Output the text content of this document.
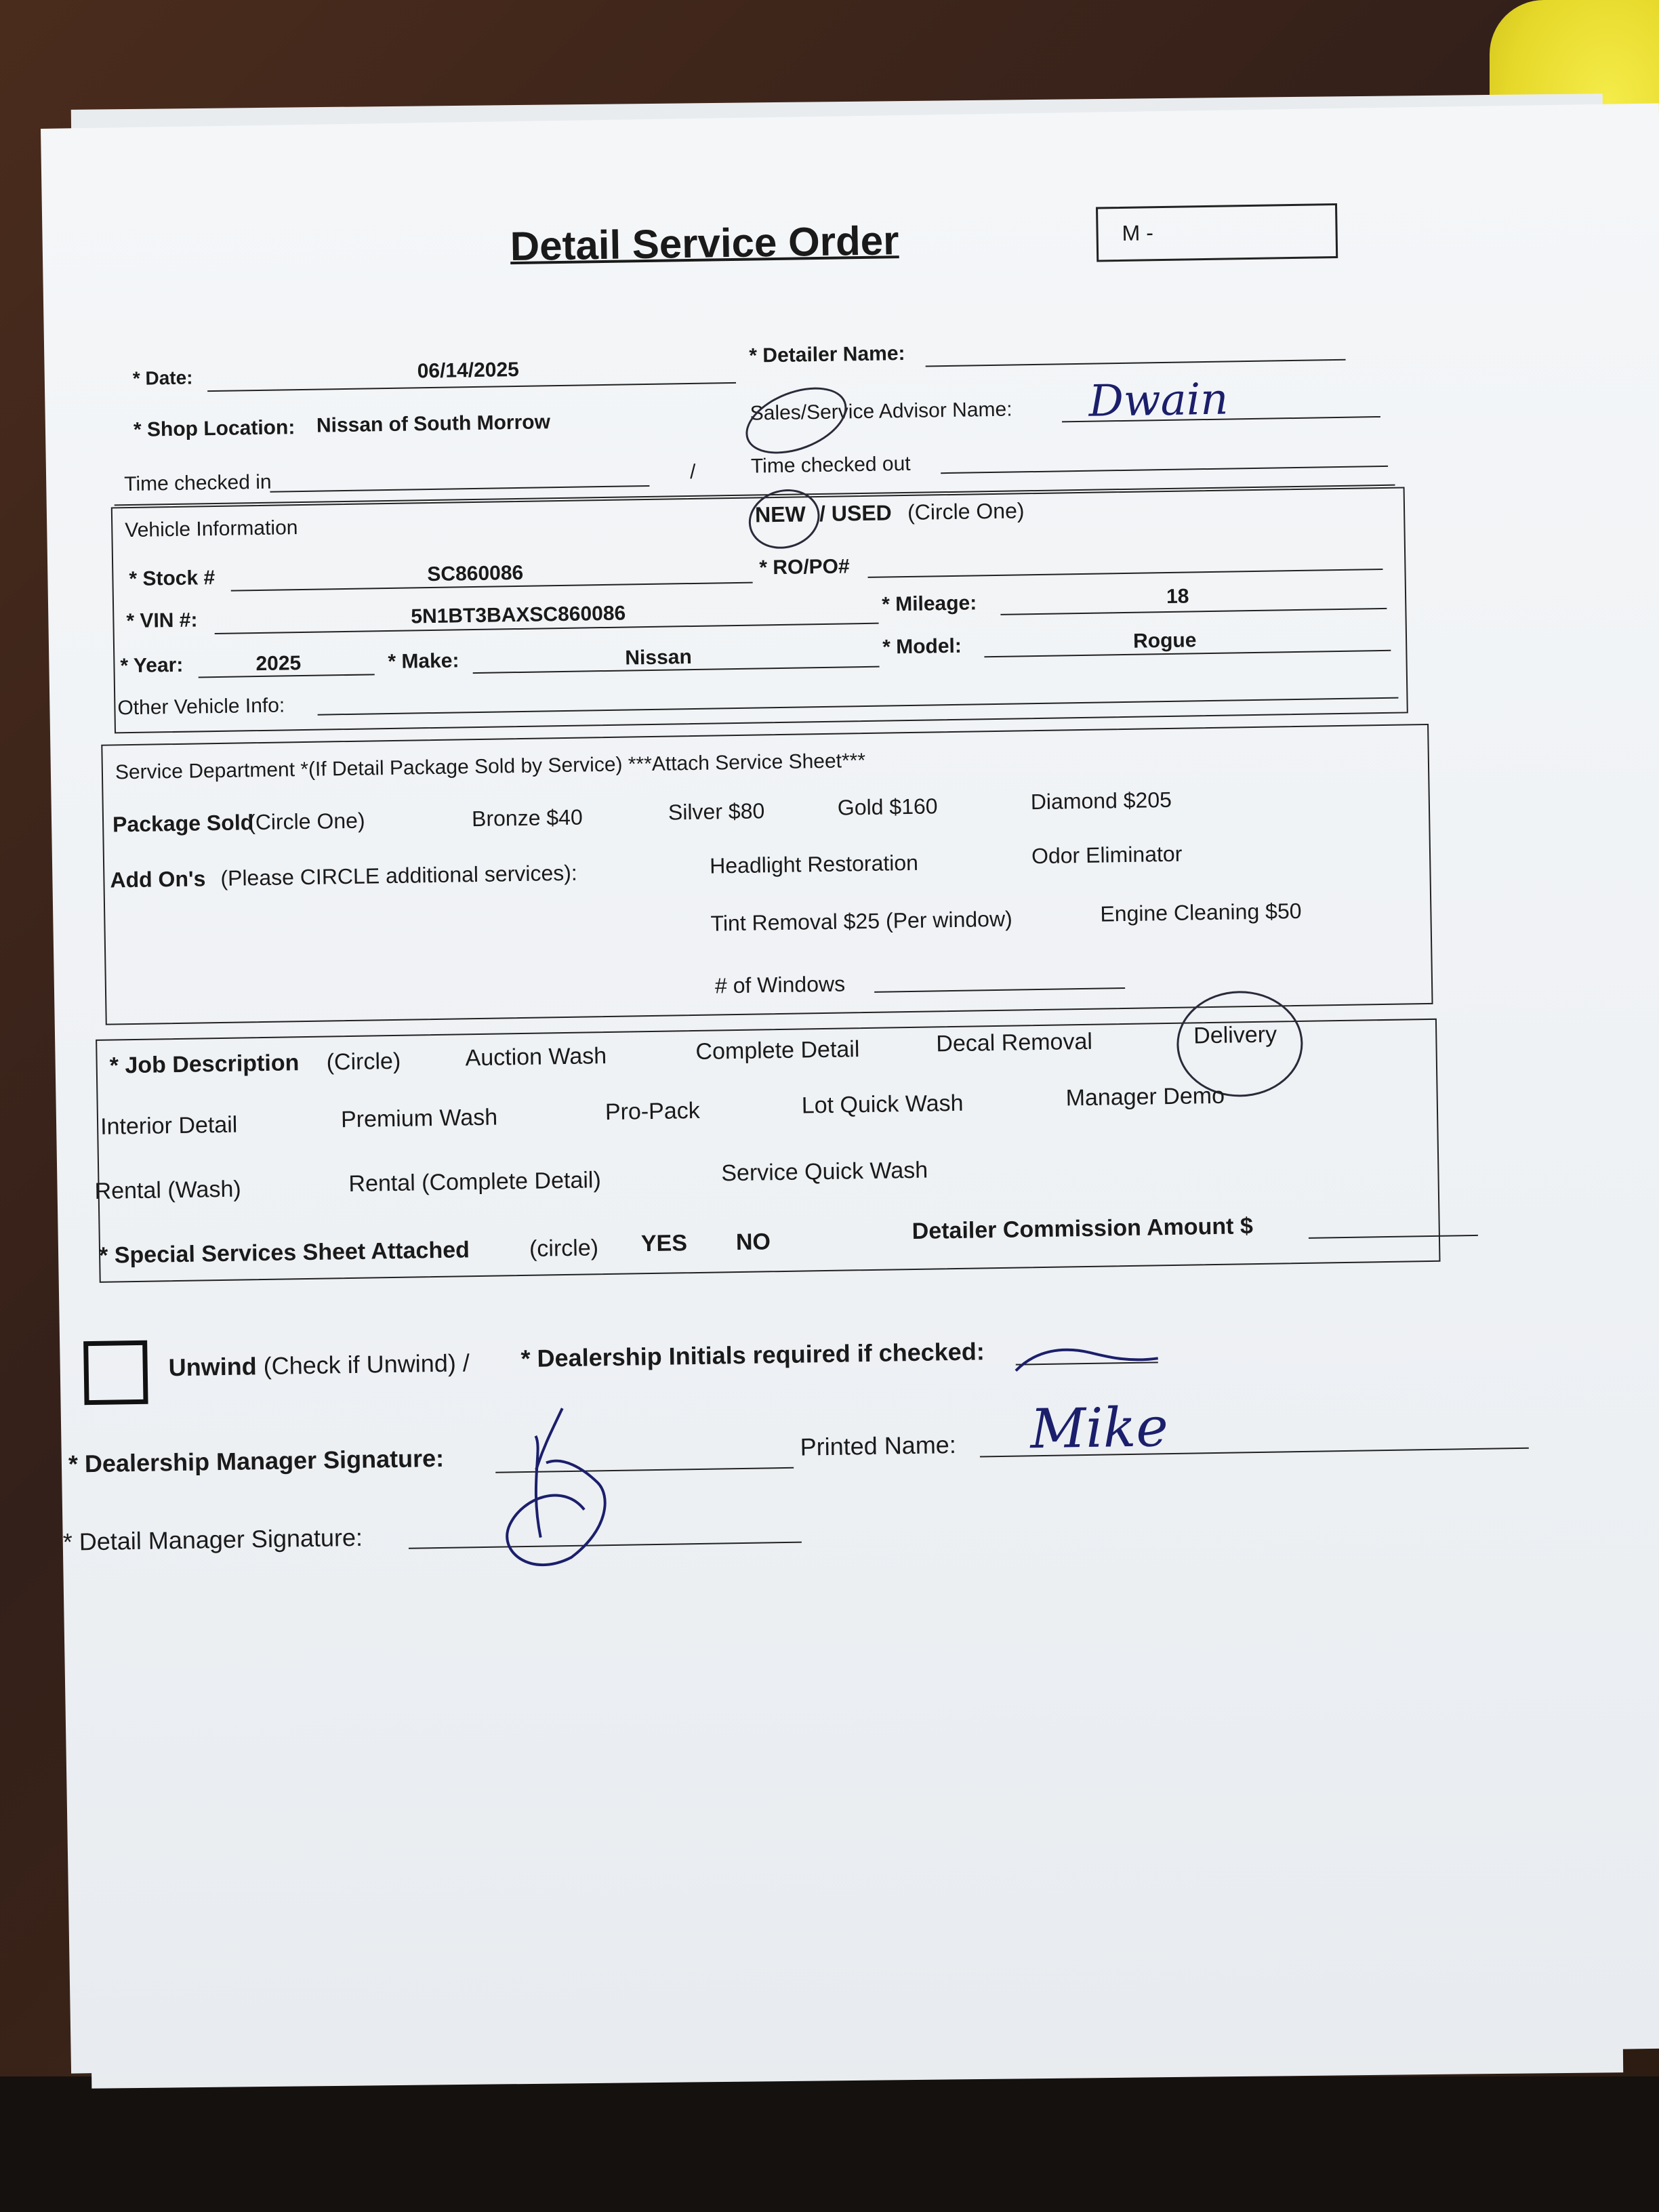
Detail Service Order	M -
* Date:	06/14/2025
* Detailer Name:
* Shop Location: Nissan of South Morrow	Sales/Service Advisor Name: Dwain
Time checked in	/	Time checked out
Vehicle Information
NEW / USED (Circle One)
* Stock #	SC860086	* RO/PO#
* VIN #:	5N1BT3BAXSC860086	* Mileage:	18
* Year:	2025	* Make:	Nissan	* Model:	Rogue
Other Vehicle Info:
Service Department *(If Detail Package Sold by Service) ***Attach Service Sheet***
Package Sold
(Circle One)	Bronze $40	Silver $80	Gold $160	Diamond $205
Add On's (Please CIRCLE additional services):	Headlight Restoration	Odor Eliminator
Tint Removal $25 (Per window)	Engine Cleaning $50
# of Windows
* Job Description (Circle)	Auction Wash	Complete Detail	Decal Removal	Delivery
Interior Detail	Premium Wash	Pro-Pack	Lot Quick Wash	Manager Demo
Rental (Wash)	Rental (Complete Detail)	Service Quick Wash
* Special Services Sheet Attached	(circle) YES NO	Detailer Commission Amount $
Unwind (Check if Unwind) / * Dealership Initials required if checked:
* Dealership Manager Signature:	Printed Name: Mike
* Detail Manager Signature:
